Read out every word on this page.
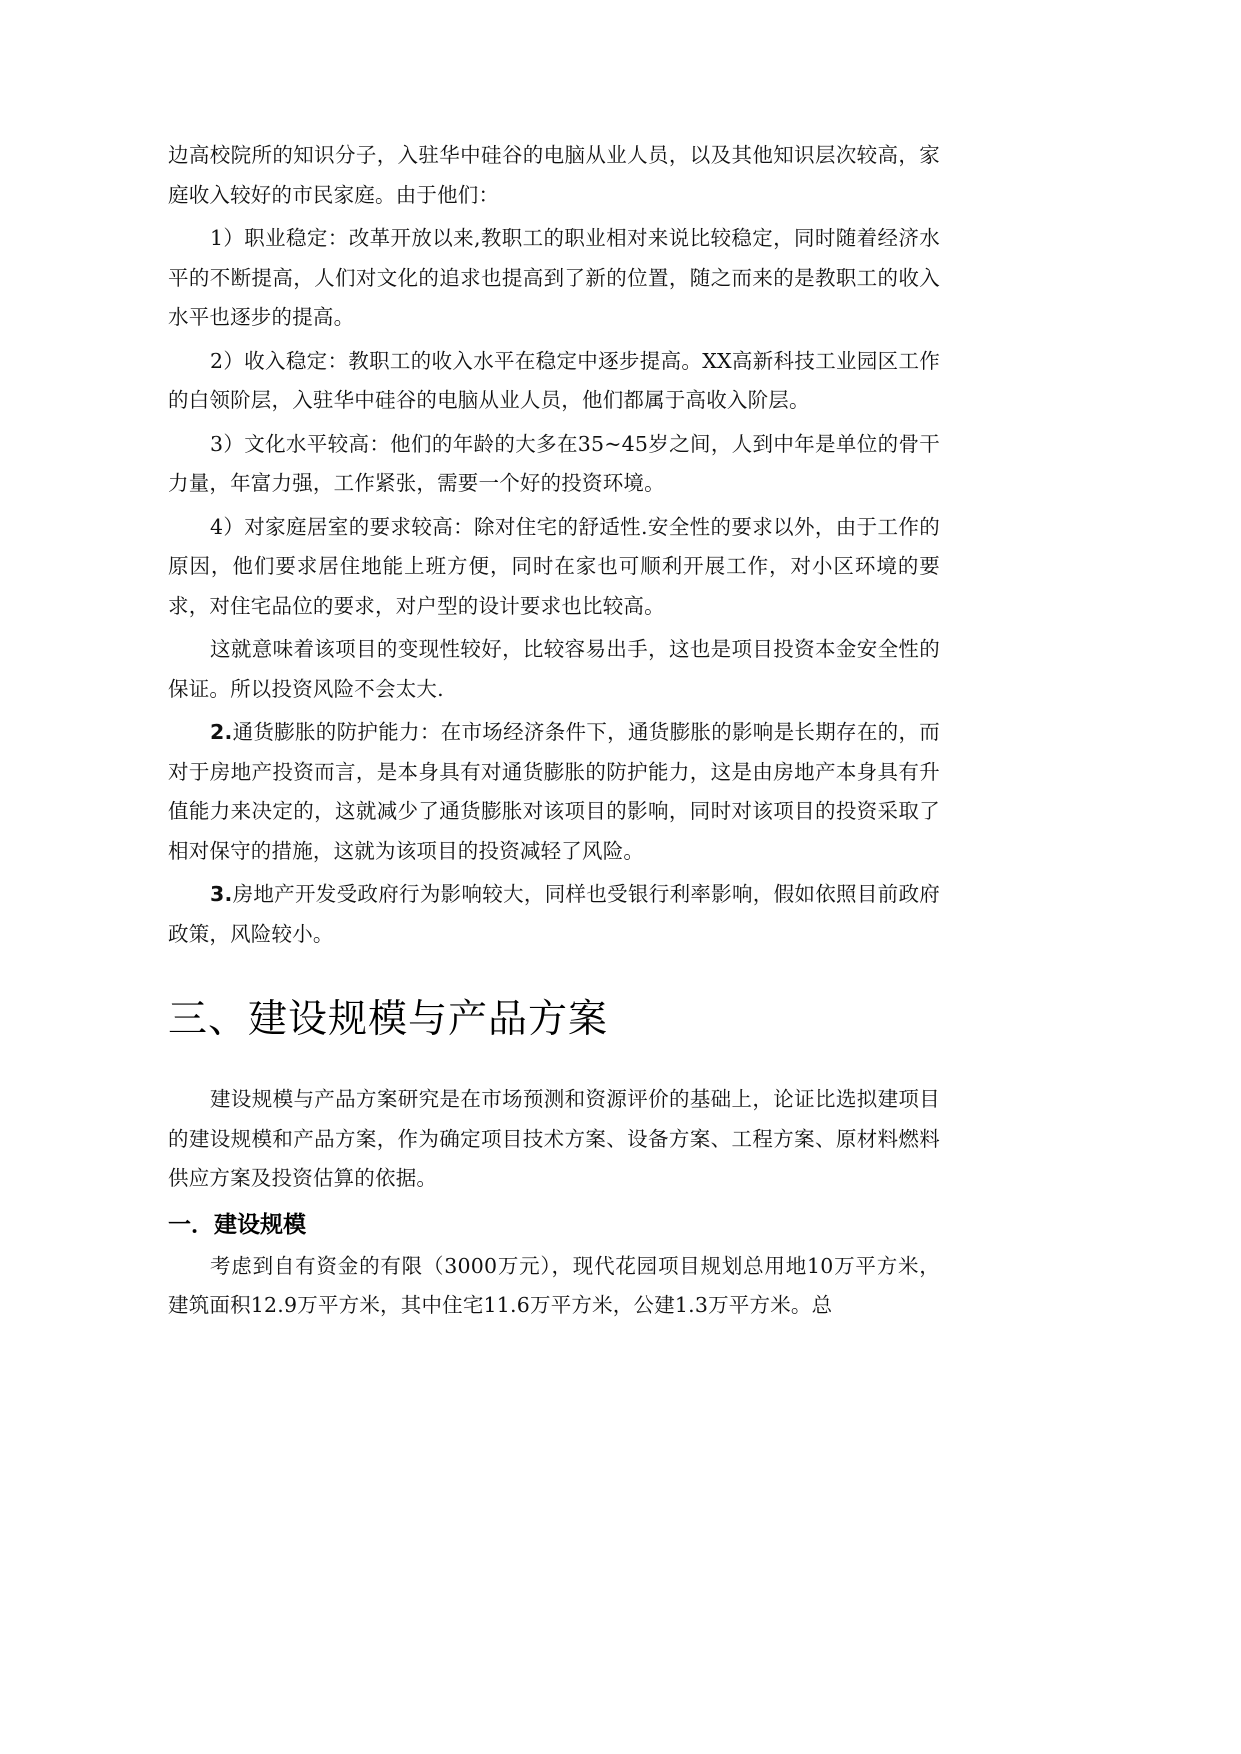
边高校院所的知识分子，入驻华中硅谷的电脑从业人员，以及其他知识层次较高，家庭收入较好的市民家庭。由于他们：

1）职业稳定：改革开放以来,教职工的职业相对来说比较稳定，同时随着经济水平的不断提高，人们对文化的追求也提高到了新的位置，随之而来的是教职工的收入水平也逐步的提高。

2）收入稳定：教职工的收入水平在稳定中逐步提高。XX高新科技工业园区工作的白领阶层，入驻华中硅谷的电脑从业人员，他们都属于高收入阶层。

3）文化水平较高：他们的年龄的大多在35~45岁之间，人到中年是单位的骨干力量，年富力强，工作紧张，需要一个好的投资环境。

4）对家庭居室的要求较高：除对住宅的舒适性.安全性的要求以外，由于工作的原因，他们要求居住地能上班方便，同时在家也可顺利开展工作，对小区环境的要求，对住宅品位的要求，对户型的设计要求也比较高。

这就意味着该项目的变现性较好，比较容易出手，这也是项目投资本金安全性的保证。所以投资风险不会太大.

2.通货膨胀的防护能力：在市场经济条件下，通货膨胀的影响是长期存在的，而对于房地产投资而言，是本身具有对通货膨胀的防护能力，这是由房地产本身具有升值能力来决定的，这就减少了通货膨胀对该项目的影响，同时对该项目的投资采取了相对保守的措施，这就为该项目的投资减轻了风险。

3.房地产开发受政府行为影响较大，同样也受银行利率影响，假如依照目前政府政策，风险较小。

三、建设规模与产品方案

建设规模与产品方案研究是在市场预测和资源评价的基础上，论证比选拟建项目的建设规模和产品方案，作为确定项目技术方案、设备方案、工程方案、原材料燃料供应方案及投资估算的依据。

一．建设规模

考虑到自有资金的有限（3000万元），现代花园项目规划总用地10万平方米，建筑面积12.9万平方米，其中住宅11.6万平方米，公建1.3万平方米。总
